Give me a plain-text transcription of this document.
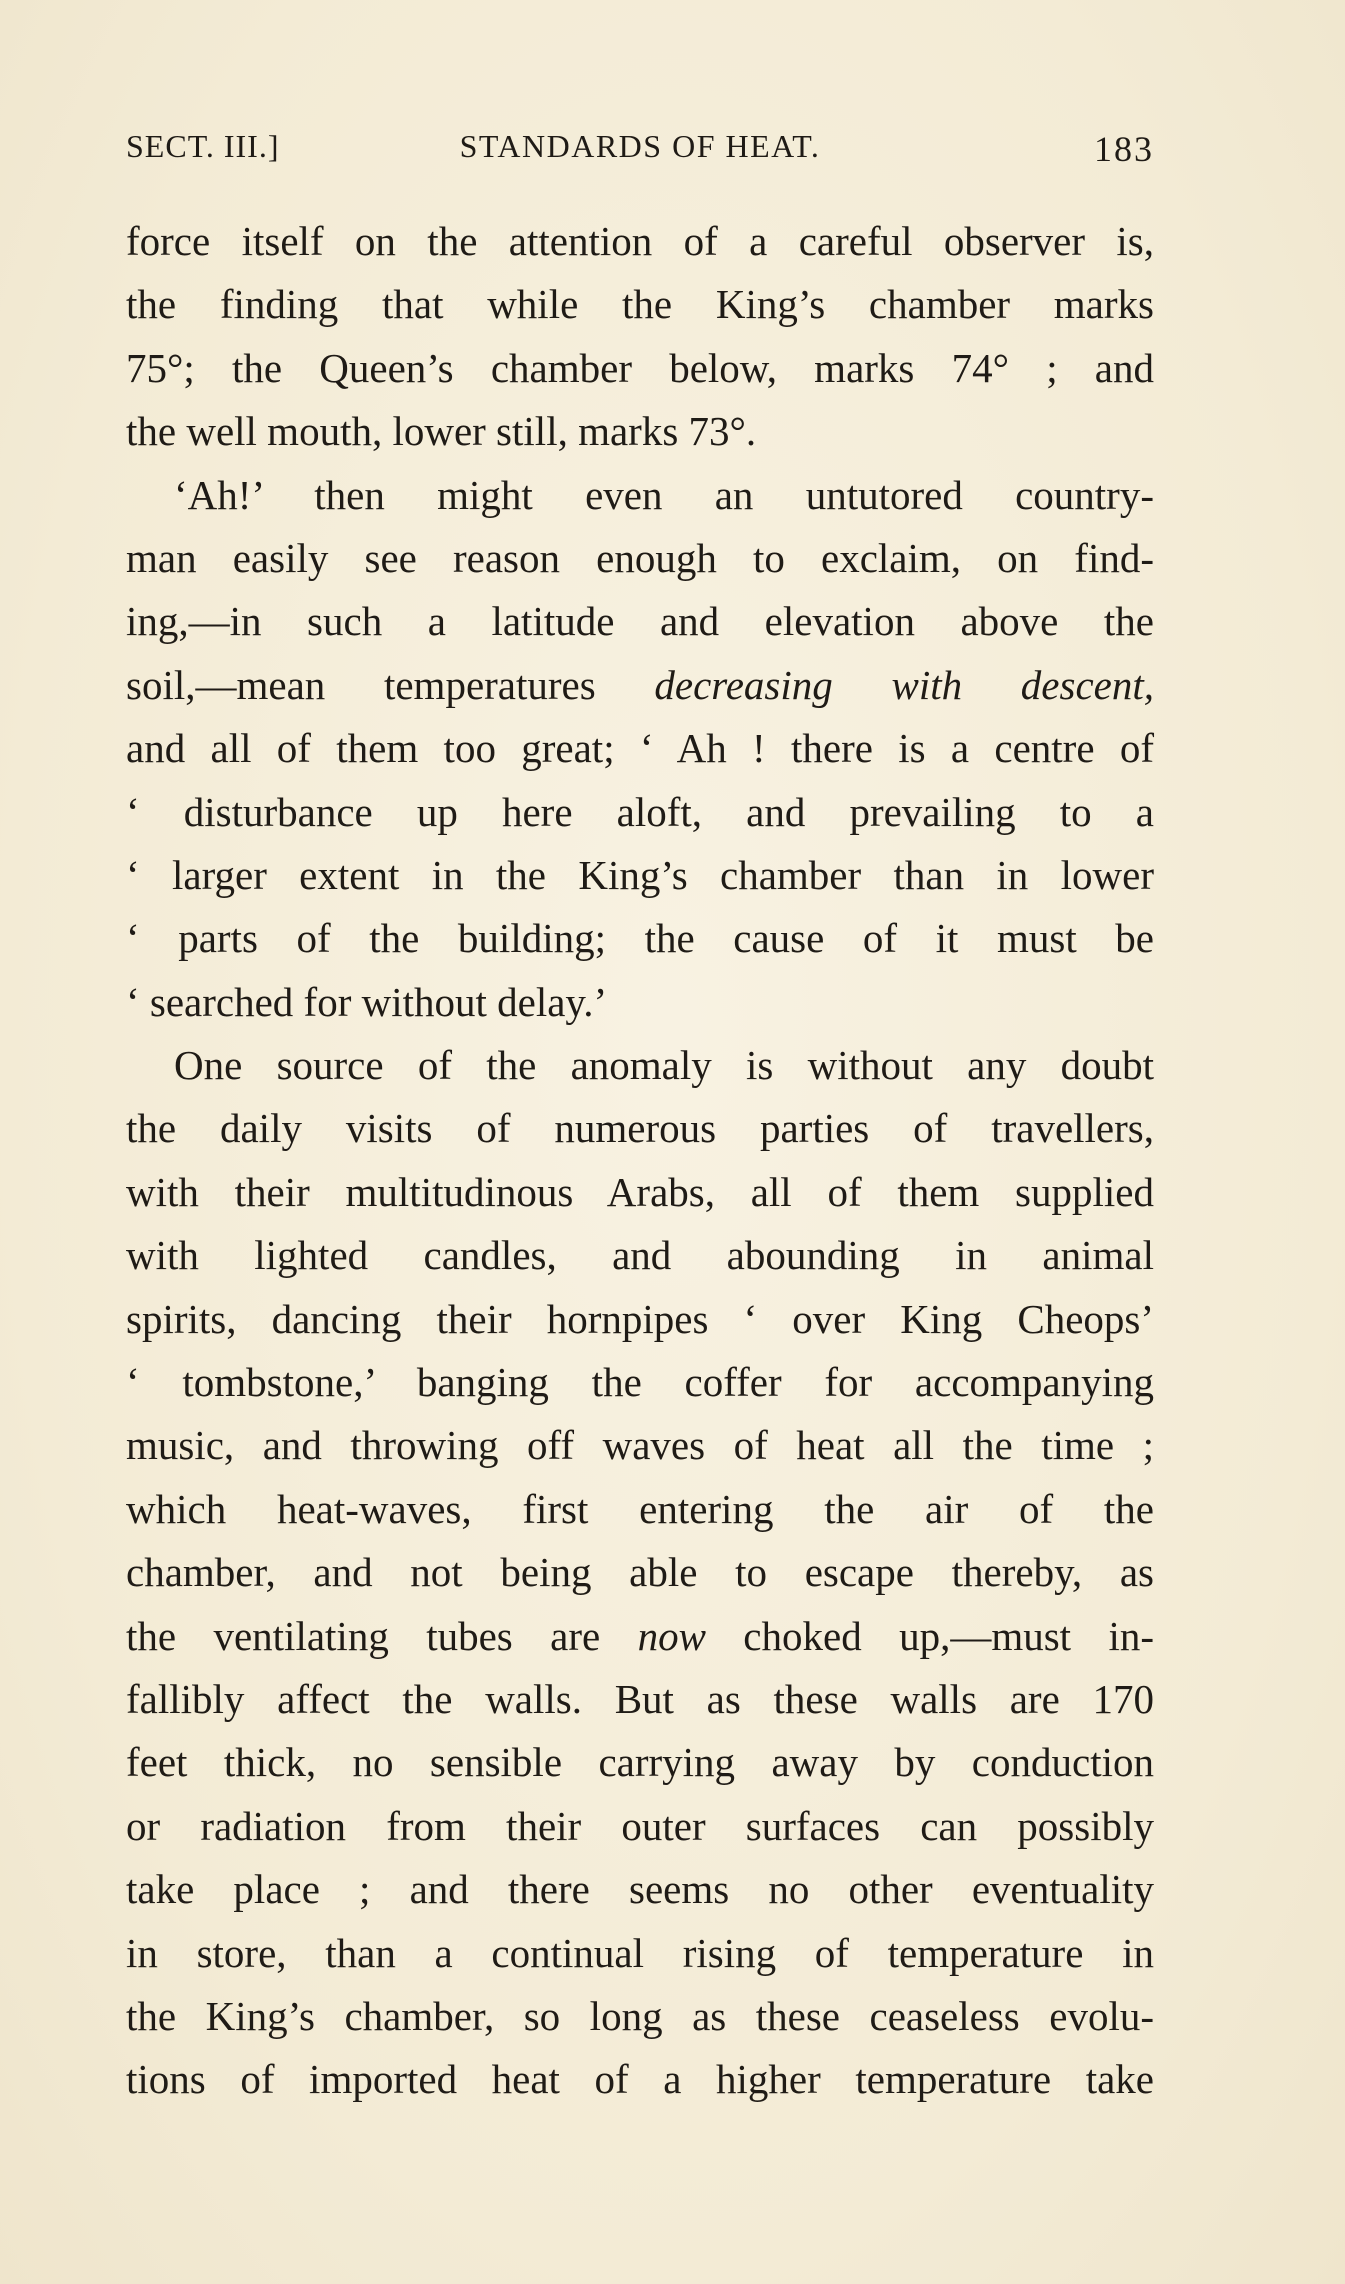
SECT. III.]	STANDARDS OF HEAT.	183
force itself on the attention of a careful observer is,
the finding that while the King’s chamber marks
75°; the Queen’s chamber below, marks 74° ; and
the well mouth, lower still, marks 73°.
‘Ah!’ then might even an untutored country-
man easily see reason enough to exclaim, on find-
ing,—in such a latitude and elevation above the
soil,—mean temperatures decreasing with descent,
and all of them too great; ‘ Ah ! there is a centre of
‘ disturbance up here aloft, and prevailing to a
‘ larger extent in the King’s chamber than in lower
‘ parts of the building; the cause of it must be
‘ searched for without delay.’
One source of the anomaly is without any doubt
the daily visits of numerous parties of travellers,
with their multitudinous Arabs, all of them supplied
with lighted candles, and abounding in animal
spirits, dancing their hornpipes ‘ over King Cheops’
‘ tombstone,’ banging the coffer for accompanying
music, and throwing off waves of heat all the time ;
which heat-waves, first entering the air of the
chamber, and not being able to escape thereby, as
the ventilating tubes are now choked up,—must in-
fallibly affect the walls. But as these walls are 170
feet thick, no sensible carrying away by conduction
or radiation from their outer surfaces can possibly
take place ; and there seems no other eventuality
in store, than a continual rising of temperature in
the King’s chamber, so long as these ceaseless evolu-
tions of imported heat of a higher temperature take
